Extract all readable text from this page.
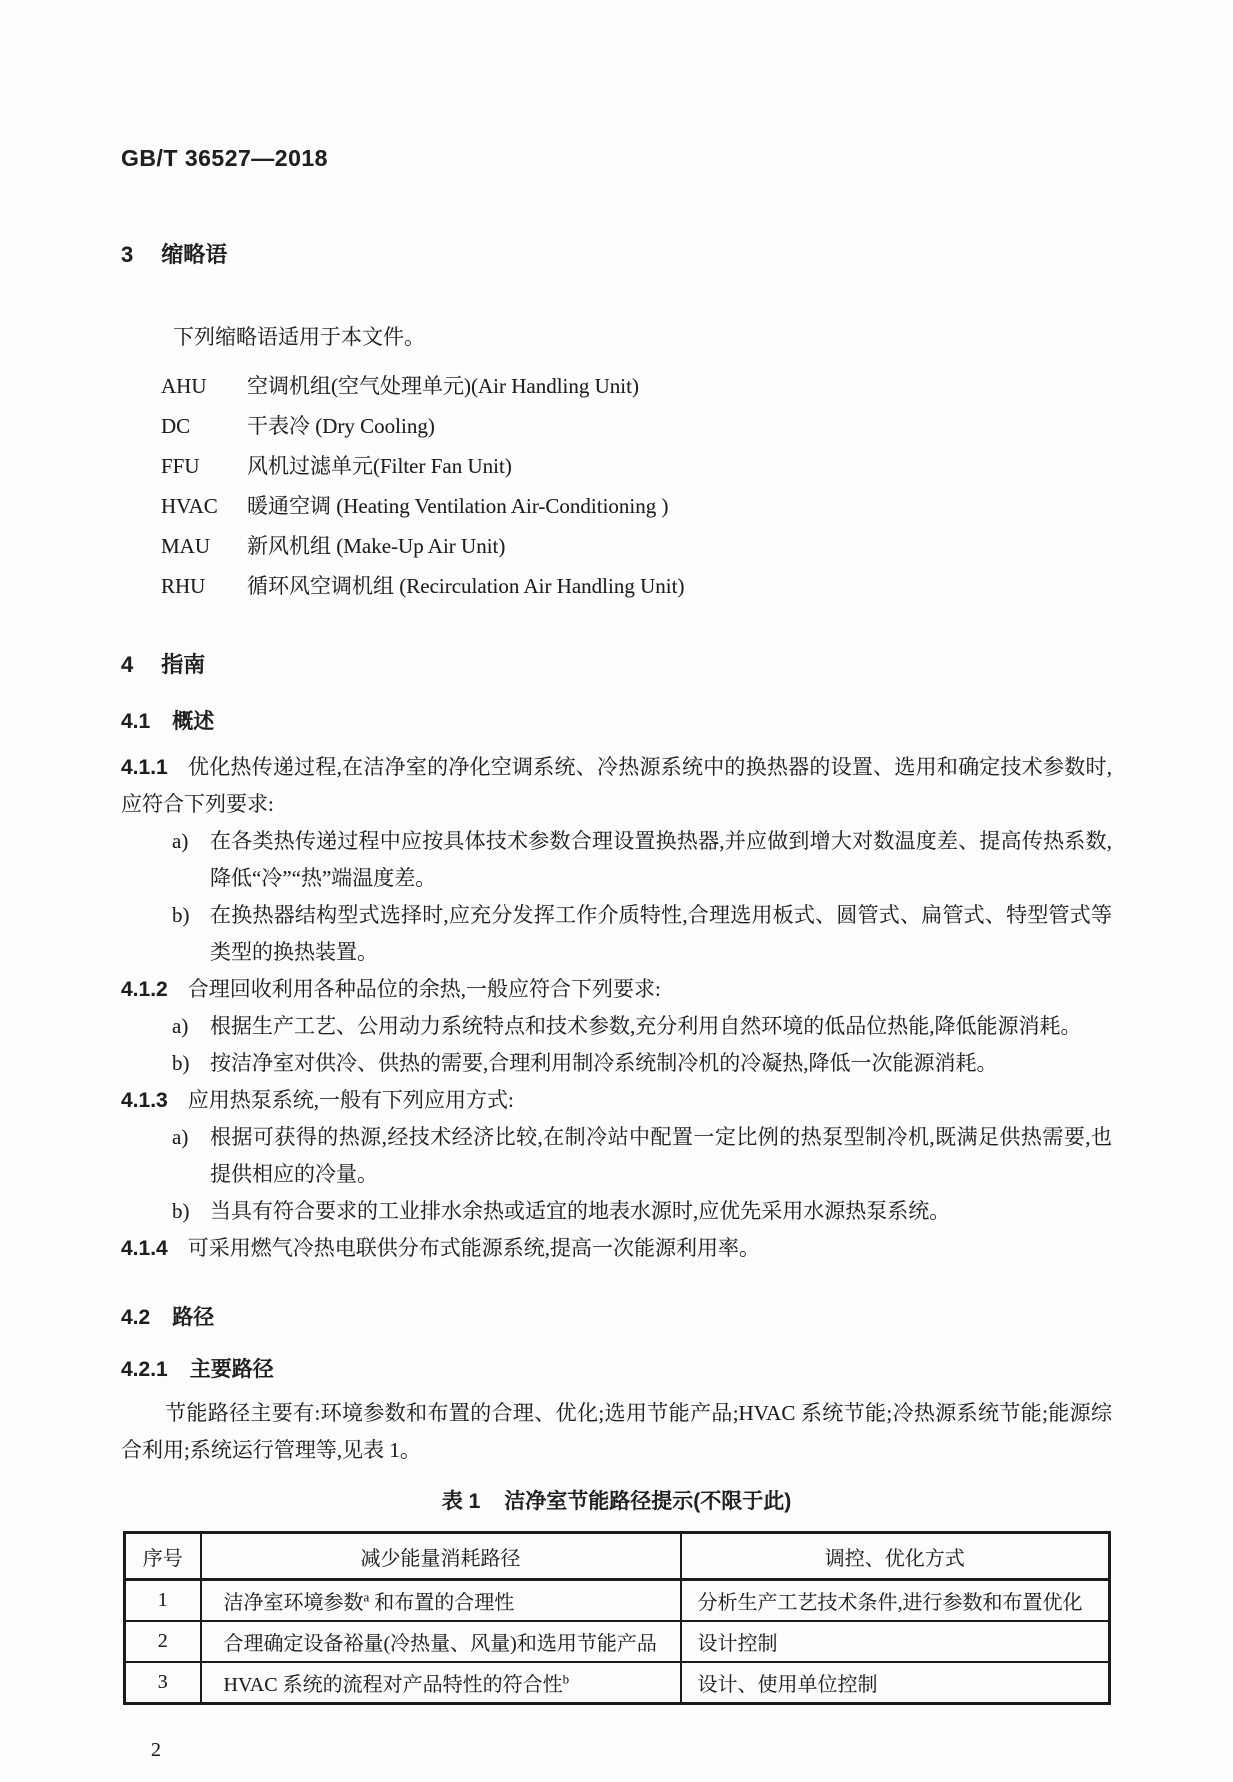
GB/T 36527—2018
3 缩略语

下列缩略语适用于本文件。

AHU 空调机组(空气处理单元)(Air Handling Unit)
DC	干表冷 (Dry Cooling)
FFU 风机过滤单元(Filter Fan Unit)
HVAC 暖通空调 (Heating Ventilation Air-Conditioning )
MAU 新风机组 (Make-Up Air Unit)
RHU 循环风空调机组 (Recirculation Air Handling Unit)
4 指南
4.1 概述

4.1.1 优化热传递过程,在洁净室的净化空调系统、冷热源系统中的换热器的设置、选用和确定技术参数时,应符合下列要求:

a)	在各类热传递过程中应按具体技术参数合理设置换热器,并应做到增大对数温度差、提高传热系数,降低“冷”“热”端温度差。
b) 在换热器结构型式选择时,应充分发挥工作介质特性,合理选用板式、圆管式、扁管式、特型管式等类型的换热装置。

4.1.2 合理回收利用各种品位的余热,一般应符合下列要求:

a)	根据生产工艺、公用动力系统特点和技术参数,充分利用自然环境的低品位热能,降低能源消耗。
b) 按洁净室对供冷、供热的需要,合理利用制冷系统制冷机的冷凝热,降低一次能源消耗。

4.1.3 应用热泵系统,一般有下列应用方式:

a)	根据可获得的热源,经技术经济比较,在制冷站中配置一定比例的热泵型制冷机,既满足供热需要,也提供相应的冷量。
b) 当具有符合要求的工业排水余热或适宜的地表水源时,应优先采用水源热泵系统。

4.1.4 可采用燃气冷热电联供分布式能源系统,提高一次能源利用率。

4.2 路径
4.2.1 主要路径

节能路径主要有:环境参数和布置的合理、优化;选用节能产品;HVAC 系统节能;冷热源系统节能;能源综合利用;系统运行管理等,见表 1。

表 1 洁净室节能路径提示(不限于此)
序号	减少能量消耗路径	调控、优化方式
1	洁净室环境参数$^a$ 和布置的合理性	分析生产工艺技术条件,进行参数和布置优化
2	合理确定设备裕量(冷热量、风量)和选用节能产品	设计控制
3	HVAC 系统的流程对产品特性的符合性$^b$	设计、使用单位控制
2
